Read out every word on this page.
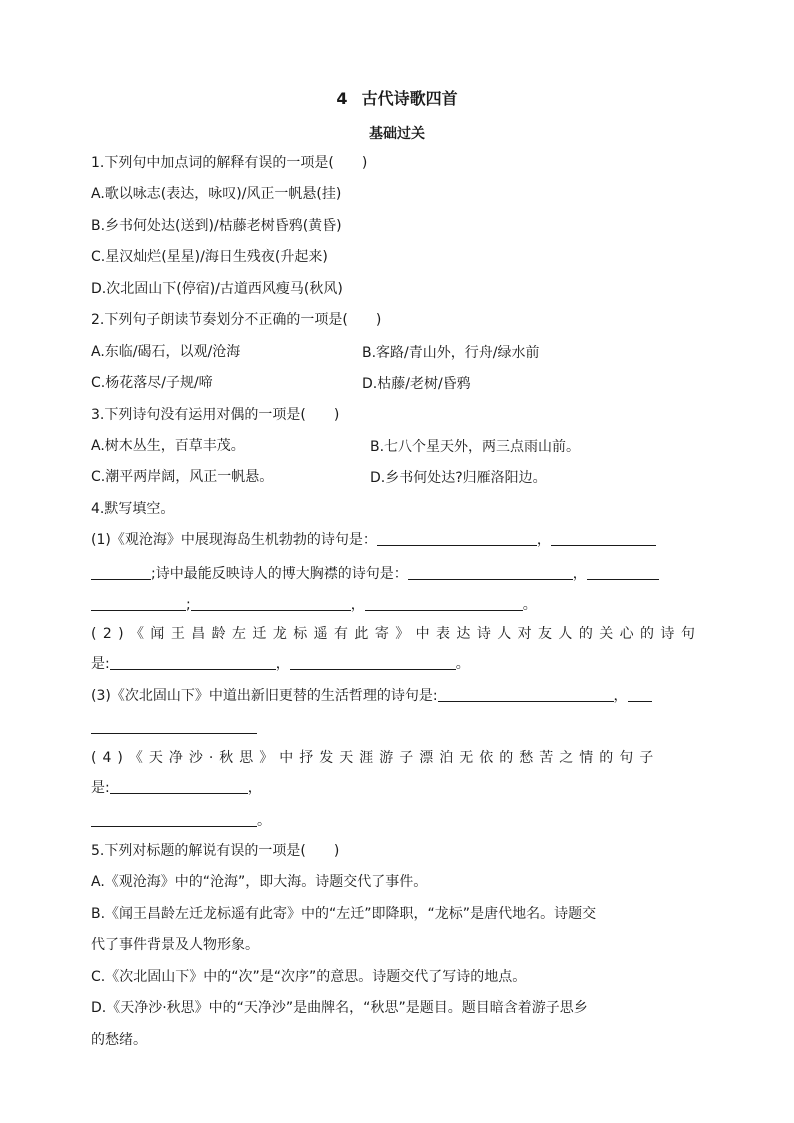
4 古代诗歌四首
基础过关
1.下列句中加点词的解释有误的一项是(　　)
A.歌以咏志(表达，咏叹)/风正一帆悬(挂)
B.乡书何处达(送到)/枯藤老树昏鸦(黄昏)
C.星汉灿烂(星星)/海日生残夜(升起来)
D.次北固山下(停宿)/古道西风瘦马(秋风)
2.下列句子朗读节奏划分不正确的一项是(　　)
A.东临/碣石，以观/沧海	B.客路/青山外，行舟/绿水前
C.杨花落尽/子规/啼	D.枯藤/老树/昏鸦
3.下列诗句没有运用对偶的一项是(　　)
A.树木丛生，百草丰茂。	B.七八个星天外，两三点雨山前。
C.潮平两岸阔，风正一帆悬。	D.乡书何处达?归雁洛阳边。
4.默写填空。
(1)《观沧海》中展现海岛生机勃勃的诗句是：	，
;诗中最能反映诗人的博大胸襟的诗句是：	，
;	，	。
(2)《闻王昌龄左迁龙标遥有此寄》中表达诗人对友人的关心的诗句
是:	，	。
(3)《次北固山下》中道出新旧更替的生活哲理的诗句是:	，
(4)《天净沙·秋思》中抒发天涯游子漂泊无依的愁苦之情的句子
是:	，
。
5.下列对标题的解说有误的一项是(　　)
A.《观沧海》中的“沧海”，即大海。诗题交代了事件。
B.《闻王昌龄左迁龙标遥有此寄》中的“左迁”即降职，“龙标”是唐代地名。诗题交
代了事件背景及人物形象。
C.《次北固山下》中的“次”是“次序”的意思。诗题交代了写诗的地点。
D.《天净沙·秋思》中的“天净沙”是曲牌名，“秋思”是题目。题目暗含着游子思乡
的愁绪。
